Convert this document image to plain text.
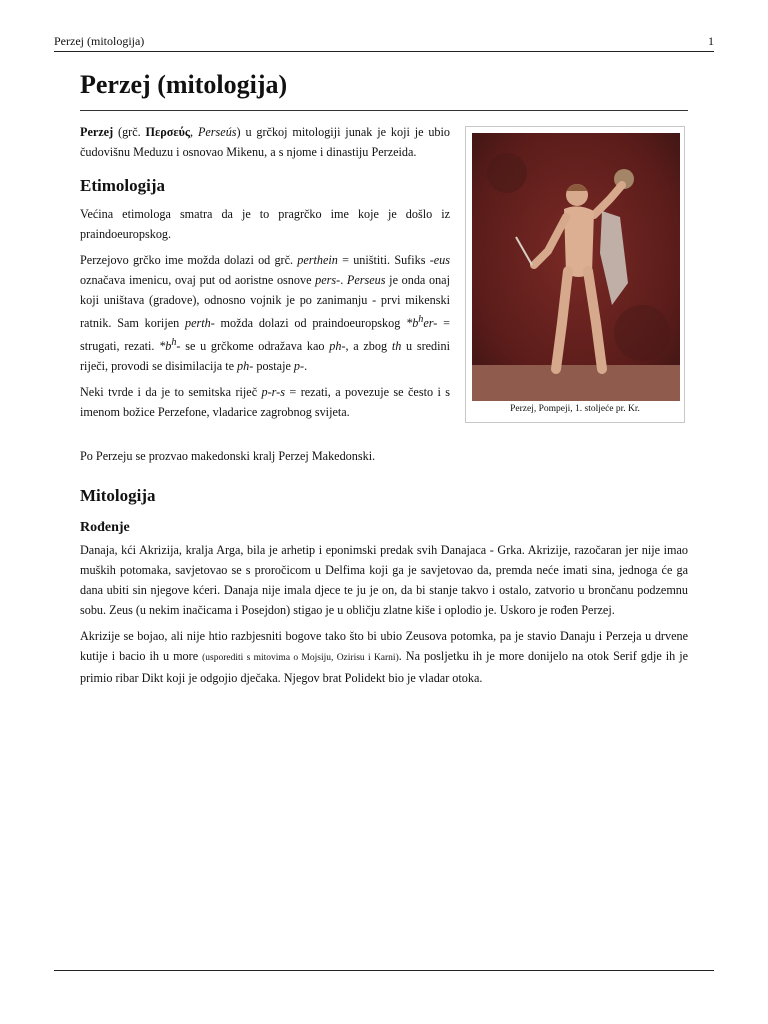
Perzej (mitologija)	1
Perzej (mitologija)

Perzej (grč. Περσεύς, Perseús) u grčkoj mitologiji junak je koji je ubio čudovišnu Meduzu i osnovao Mikenu, a s njome i dinastiju Perzeida.

Etimologija

Većina etimologa smatra da je to pragrčko ime koje je došlo iz praindoeuropskog.

Perzejovo grčko ime možda dolazi od grč. perthein = uništiti. Sufiks -eus označava imenicu, ovaj put od aoristne osnove pers-. Perseus je onda onaj koji uništava (gradove), odnosno vojnik je po zanimanju - prvi mikenski ratnik. Sam korijen perth- možda dolazi od praindoeuropskog $*b^her-$ = strugati, rezati. $*b^h-$ se u grčkome odražava kao ph-, a zbog th u sredini riječi, provodi se disimilacija te ph- postaje p-.

Neki tvrde i da je to semitska riječ p-r-s = rezati, a povezuje se često i s imenom božice Perzefone, vladarice zagrobnog svijeta.	Perzej, Pompeji, 1. stoljeće pr. Kr.

Po Perzeju se prozvao makedonski kralj Perzej Makedonski.

Mitologija
Rođenje

Danaja, kći Akrizija, kralja Arga, bila je arhetip i eponimski predak svih Danajaca - Grka. Akrizije, razočaran jer nije imao muških potomaka, savjetovao se s proročicom u Delfima koji ga je savjetovao da, premda neće imati sina, jednoga će ga dana ubiti sin njegove kćeri. Danaja nije imala djece te ju je on, da bi stanje takvo i ostalo, zatvorio u brončanu podzemnu sobu. Zeus (u nekim inačicama i Posejdon) stigao je u obličju zlatne kiše i oplodio je. Uskoro je rođen Perzej.

Akrizije se bojao, ali nije htio razbjesniti bogove tako što bi ubio Zeusova potomka, pa je stavio Danaju i Perzeja u drvene kutije i bacio ih u more (usporediti s mitovima o Mojsiju, Ozirisu i Karni). Na posljetku ih je more donijelo na otok Serif gdje ih je primio ribar Dikt koji je odgojio dječaka. Njegov brat Polidekt bio je vladar otoka.
